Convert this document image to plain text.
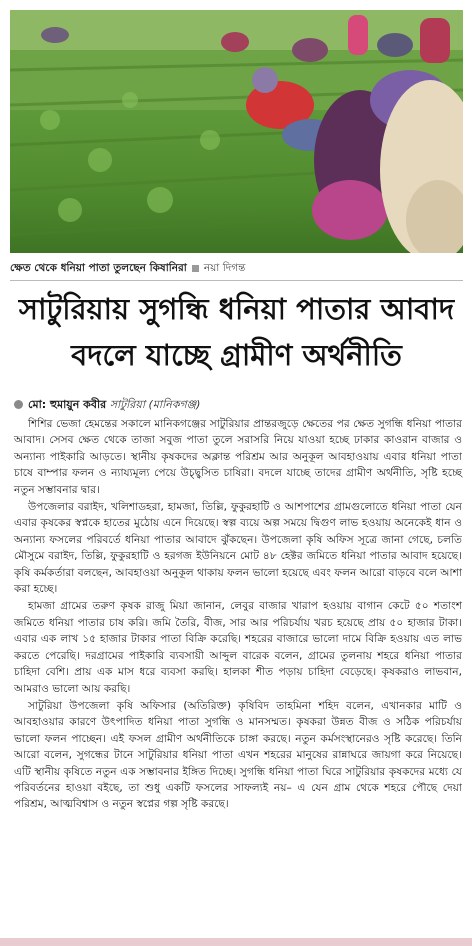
ক্ষেত থেকে ধনিয়া পাতা তুলছেন কিষানিরা নয়া দিগন্ত
সাটুরিয়ায় সুগন্ধি ধনিয়া পাতার আবাদ
বদলে যাচ্ছে গ্রামীণ অর্থনীতি
মো: হুমায়ুন কবীর সাটুরিয়া (মানিকগঞ্জ)

শিশির ভেজা হেমন্তের সকালে মানিকগঞ্জের সাটুরিয়ার প্রান্তরজুড়ে ক্ষেতের পর ক্ষেত সুগন্ধি ধনিয়া পাতার আবাদ। সেসব ক্ষেত থেকে তাজা সবুজ পাতা তুলে সরাসরি নিয়ে যাওয়া হচ্ছে ঢাকার কাওরান বাজার ও অন্যান্য পাইকারি আড়তে। স্থানীয় কৃষকদের অক্লান্ত পরিশ্রম আর অনুকূল আবহাওয়ায় এবার ধনিয়া পাতা চাষে বাম্পার ফলন ও ন্যায্যমূল্য পেয়ে উচ্ছ্বসিত চাষিরা। বদলে যাচ্ছে তাদের গ্রামীণ অর্থনীতি, সৃষ্টি হচ্ছে নতুন সম্ভাবনার দ্বার।

উপজেলার বরাইদ, খলিশাডহরা, হামজা, তিল্লি, ফুকুরহাটি ও আশপাশের গ্রামগুলোতে ধনিয়া পাতা যেন এবার কৃষকের স্বপ্নকে হাতের মুঠোয় এনে দিয়েছে। স্বল্প ব্যয়ে অল্প সময়ে দ্বিগুণ লাভ হওয়ায় অনেকেই ধান ও অন্যান্য ফসলের পরিবর্তে ধনিয়া পাতার আবাদে ঝুঁকছেন। উপজেলা কৃষি অফিস সূত্রে জানা গেছে, চলতি মৌসুমে বরাইদ, তিল্লি, ফুকুরহাটি ও হরগজ ইউনিয়নে মোট ৪৮ হেক্টর জমিতে ধনিয়া পাতার আবাদ হয়েছে। কৃষি কর্মকর্তারা বলছেন, আবহাওয়া অনুকূল থাকায় ফলন ভালো হয়েছে এবং ফলন আরো বাড়বে বলে আশা করা হচ্ছে।

হামজা গ্রামের তরুণ কৃষক রাজু মিয়া জানান, লেবুর বাজার খারাপ হওয়ায় বাগান কেটে ৫০ শতাংশ জমিতে ধনিয়া পাতার চাষ করি। জমি তৈরি, বীজ, সার আর পরিচর্যায় খরচ হয়েছে প্রায় ৫০ হাজার টাকা। এবার এক লাখ ১৫ হাজার টাকার পাতা বিক্রি করেছি। শহরের বাজারে ভালো দামে বিক্রি হওয়ায় এত লাভ করতে পেরেছি। দরগ্রামের পাইকারি ব্যবসায়ী আব্দুল বারেক বলেন, গ্রামের তুলনায় শহরে ধনিয়া পাতার চাহিদা বেশি। প্রায় এক মাস ধরে ব্যবসা করছি। হালকা শীত পড়ায় চাহিদা বেড়েছে। কৃষকরাও লাভবান, আমরাও ভালো আয় করছি।

সাটুরিয়া উপজেলা কৃষি অফিসার (অতিরিক্ত) কৃষিবিদ তাহমিনা শহিদ বলেন, এখানকার মাটি ও আবহাওয়ার কারণে উৎপাদিত ধনিয়া পাতা সুগন্ধি ও মানসম্মত। কৃষকরা উন্নত বীজ ও সঠিক পরিচর্যায় ভালো ফলন পাচ্ছেন। এই ফসল গ্রামীণ অর্থনীতিকে চাঙ্গা করছে। নতুন কর্মসংস্থানেরও সৃষ্টি করেছে। তিনি আরো বলেন, সুগন্ধের টানে সাটুরিয়ার ধনিয়া পাতা এখন শহরের মানুষের রান্নাঘরে জায়গা করে নিয়েছে। এটি স্থানীয় কৃষিতে নতুন এক সম্ভাবনার ইঙ্গিত দিচ্ছে। সুগন্ধি ধনিয়া পাতা ঘিরে সাটুরিয়ার কৃষকদের মধ্যে যে পরিবর্তনের হাওয়া বইছে, তা শুধু একটি ফসলের সাফল্যই নয়– এ যেন গ্রাম থেকে শহরে পৌছে দেয়া পরিশ্রম, আত্মবিশ্বাস ও নতুন স্বপ্নের গল্প সৃষ্টি করছে।
